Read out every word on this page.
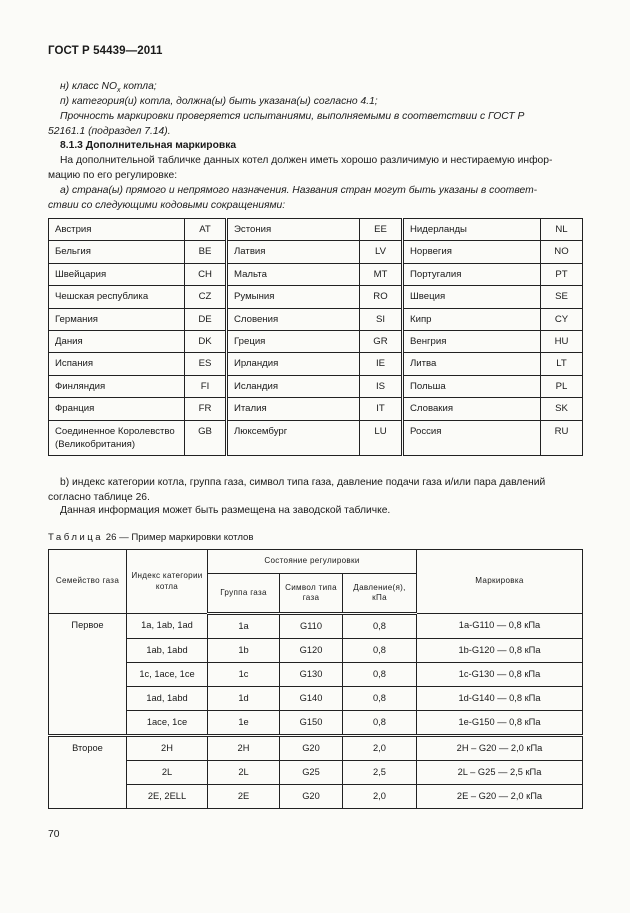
ГОСТ Р 54439—2011
н) класс $NO_x$ котла;
п) категория(и) котла, должна(ы) быть указана(ы) согласно 4.1;
Прочность маркировки проверяется испытаниями, выполняемыми в соответствии с ГОСТ Р
52161.1 (подраздел 7.14).
8.1.3 Дополнительная маркировка
На дополнительной табличке данных котел должен иметь хорошо различимую и нестираемую инфор-
мацию по его регулировке:
а) страна(ы) прямого и непрямого назначения. Названия стран могут быть указаны в соответ-
ствии со следующими кодовыми сокращениями:
Австрия	AT	Эстония	EE	Нидерланды	NL
Бельгия	BE	Латвия	LV	Норвегия	NO
Швейцария	CH	Мальта	MT	Португалия	PT
Чешская республика	CZ	Румыния	RO	Швеция	SE
Германия	DE	Словения	SI	Кипр	CY
Дания	DK	Греция	GR	Венгрия	HU
Испания	ES	Ирландия	IE	Литва	LT
Финляндия	FI	Исландия	IS	Польша	PL
Франция	FR	Италия	IT	Словакия	SK
Соединенное Королевство (Великобритания)	GB	Люксембург	LU	Россия	RU
b) индекс категории котла, группа газа, символ типа газа, давление подачи газа и/или пара давлений
согласно таблице 26.
Данная информация может быть размещена на заводской табличке.
Таблица 26 — Пример маркировки котлов
Семейство газа	Индекс категории котла	Состояние регулировки			Маркировка
		Группа газа	Символ типа газа	Давление(я), кПа	
Первое	1a, 1ab, 1ad	1a	G110	0,8	1a-G110 — 0,8 кПа
	1ab, 1abd	1b	G120	0,8	1b-G120 — 0,8 кПа
	1c, 1ace, 1ce	1c	G130	0,8	1c-G130 — 0,8 кПа
	1ad, 1abd	1d	G140	0,8	1d-G140 — 0,8 кПа
	1ace, 1ce	1e	G150	0,8	1e-G150 — 0,8 кПа
Второе	2H	2H	G20	2,0	2H – G20 — 2,0 кПа
	2L	2L	G25	2,5	2L – G25 — 2,5 кПа
	2E, 2ELL	2E	G20	2,0	2E – G20 — 2,0 кПа
70
